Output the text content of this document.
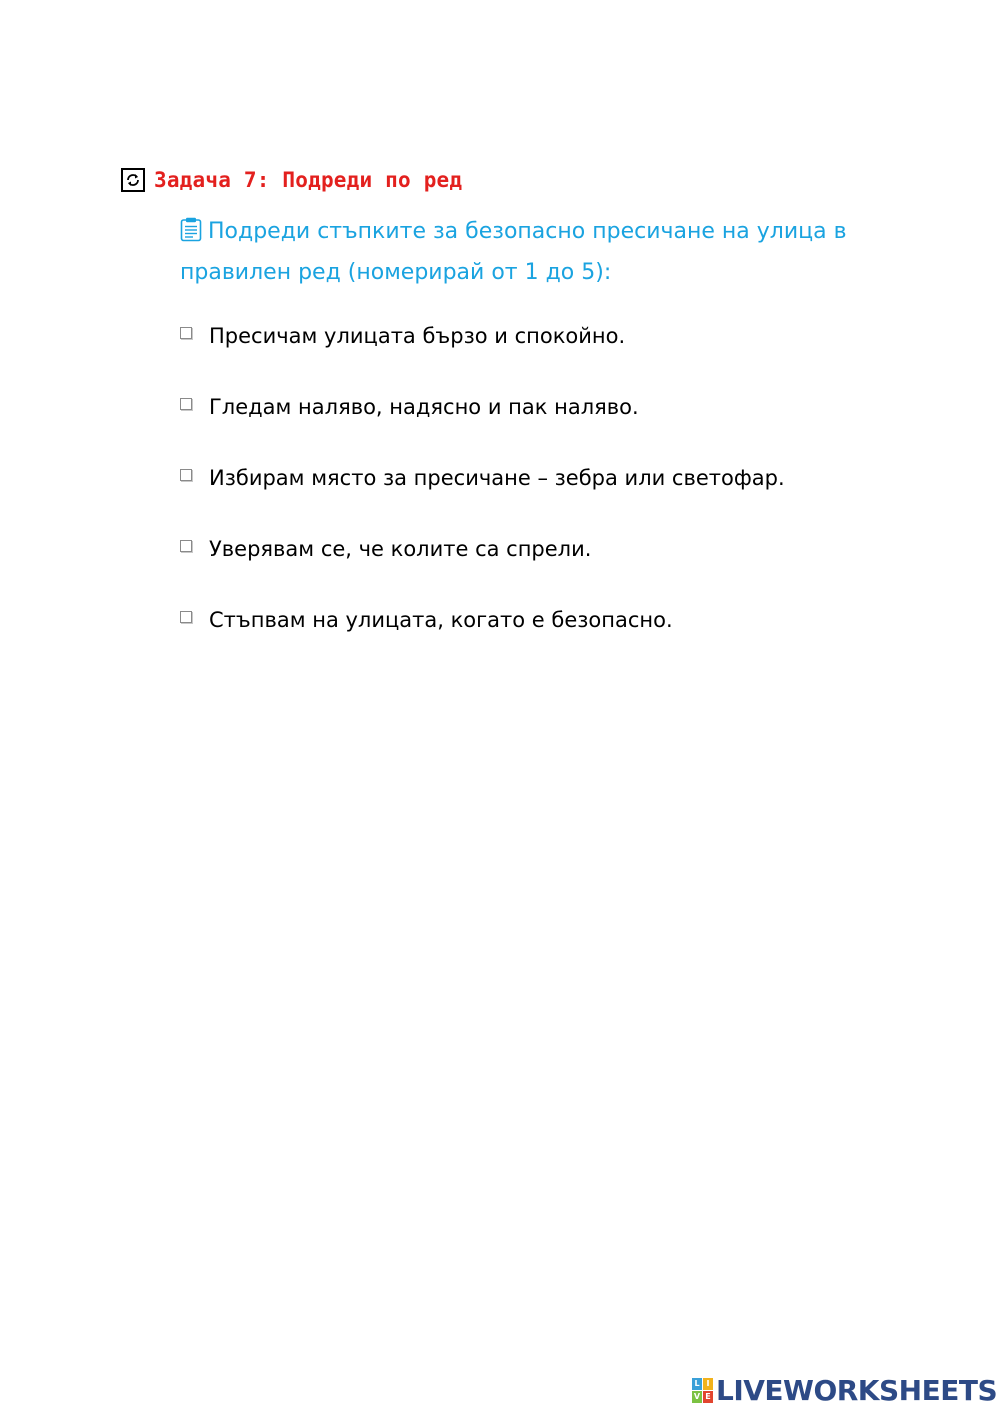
Задача 7: Подреди по ред
Подреди стъпките за безопасно пресичане на улица в правилен ред (номерирай от 1 до 5):
Пресичам улицата бързо и спокойно.
Гледам наляво, надясно и пак наляво.
Избирам място за пресичане – зебра или светофар.
Уверявам се, че колите са спрели.
Стъпвам на улицата, когато е безопасно.
L I
V E LIVEWORKSHEETS
